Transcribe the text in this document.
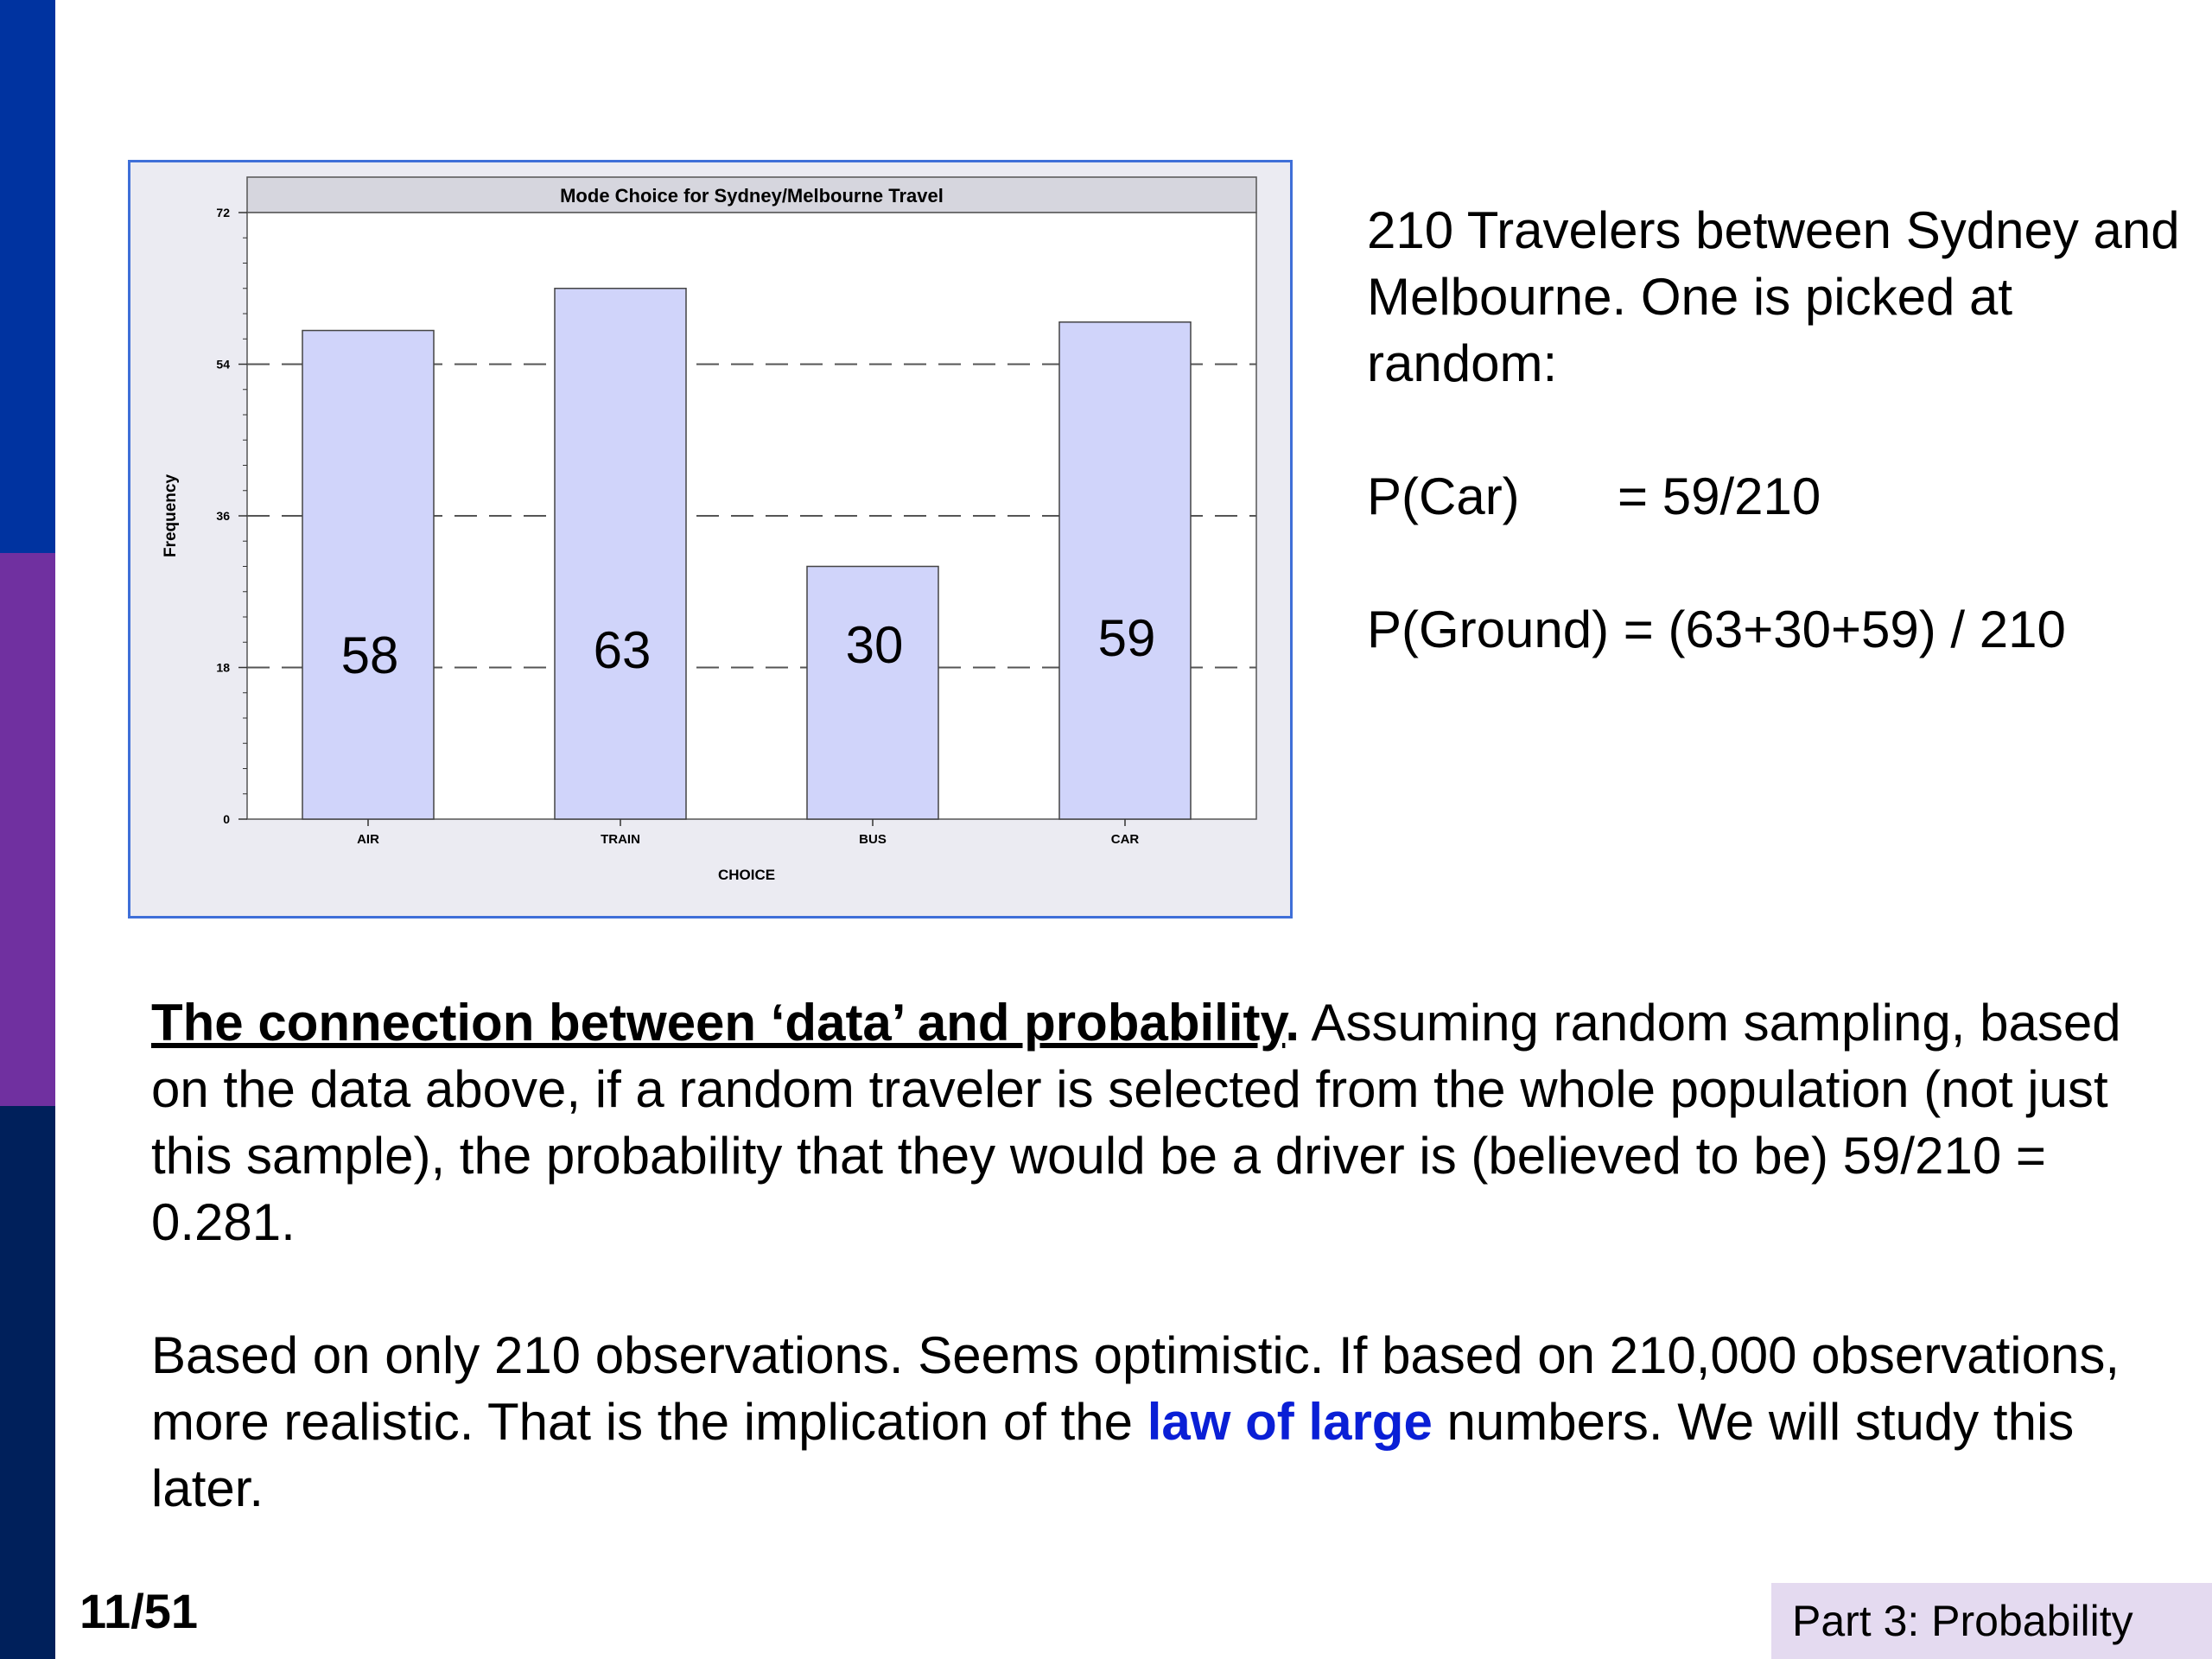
Mode Choice for Sydney/Melbourne Travel
0
18
36
54
72
Frequency
58
AIR
63
TRAIN
30
BUS
59
CAR
CHOICE

210 Travelers between Sydney and Melbourne. One is picked at random:

P(Car) = 59/210

P(Ground) = (63+30+59) / 210

The connection between ‘data’ and probability. Assuming random sampling, based on the data above, if a random traveler is selected from the whole population (not just this sample), the probability that they would be a driver is (believed to be) 59/210 = 0.281.

Based on only 210 observations. Seems optimistic. If based on 210,000 observations, more realistic. That is the implication of the law of large numbers. We will study this later.

11/51	Part 3: Probability
